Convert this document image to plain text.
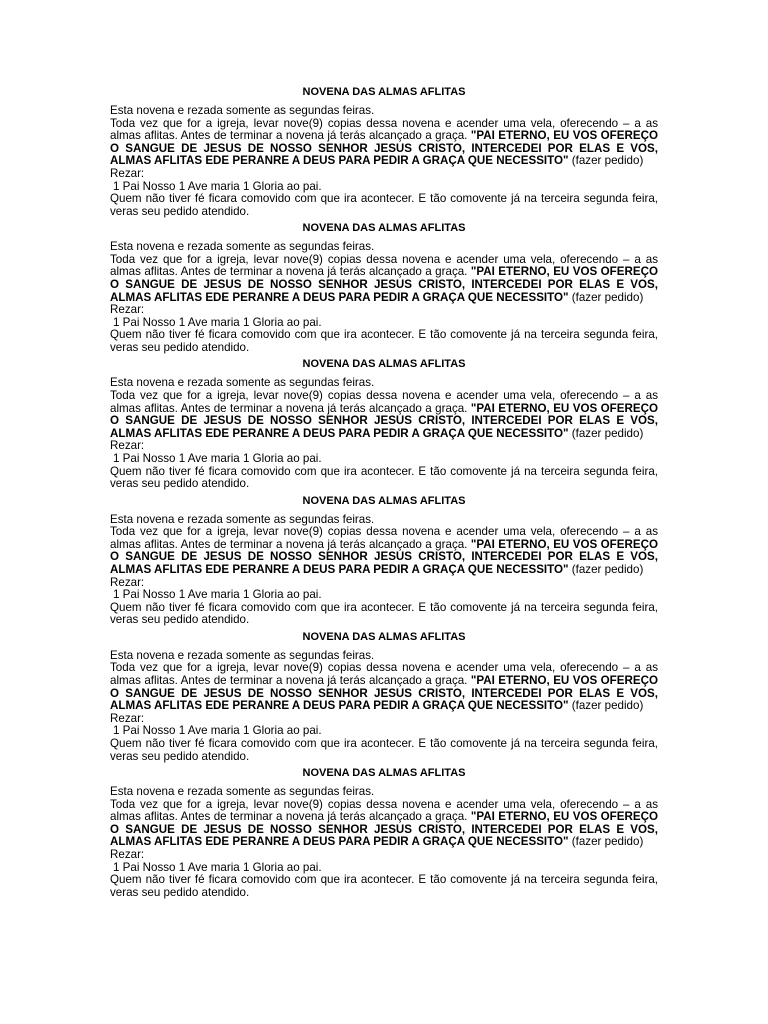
NOVENA DAS ALMAS AFLITAS
Esta novena e rezada somente as segundas feiras.
Toda vez que for a igreja, levar nove(9) copias dessa novena e acender uma vela, oferecendo – a as
almas aflitas. Antes de terminar a novena já terás alcançado a graça. "PAI ETERNO, EU VOS OFEREÇO
O SANGUE DE JESUS DE NOSSO SENHOR JESUS CRISTO, INTERCEDEI POR ELAS E VÓS,
ALMAS AFLITAS EDE PERANRE A DEUS PARA PEDIR A GRAÇA QUE NECESSITO" (fazer pedido)
Rezar:
1 Pai Nosso 1 Ave maria 1 Gloria ao pai.
Quem não tiver fé ficara comovido com que ira acontecer. È tão comovente já na terceira segunda feira,
veras seu pedido atendido.
NOVENA DAS ALMAS AFLITAS
Esta novena e rezada somente as segundas feiras.
Toda vez que for a igreja, levar nove(9) copias dessa novena e acender uma vela, oferecendo – a as
almas aflitas. Antes de terminar a novena já terás alcançado a graça. "PAI ETERNO, EU VOS OFEREÇO
O SANGUE DE JESUS DE NOSSO SENHOR JESUS CRISTO, INTERCEDEI POR ELAS E VÓS,
ALMAS AFLITAS EDE PERANRE A DEUS PARA PEDIR A GRAÇA QUE NECESSITO" (fazer pedido)
Rezar:
1 Pai Nosso 1 Ave maria 1 Gloria ao pai.
Quem não tiver fé ficara comovido com que ira acontecer. È tão comovente já na terceira segunda feira,
veras seu pedido atendido.
NOVENA DAS ALMAS AFLITAS
Esta novena e rezada somente as segundas feiras.
Toda vez que for a igreja, levar nove(9) copias dessa novena e acender uma vela, oferecendo – a as
almas aflitas. Antes de terminar a novena já terás alcançado a graça. "PAI ETERNO, EU VOS OFEREÇO
O SANGUE DE JESUS DE NOSSO SENHOR JESUS CRISTO, INTERCEDEI POR ELAS E VÓS,
ALMAS AFLITAS EDE PERANRE A DEUS PARA PEDIR A GRAÇA QUE NECESSITO" (fazer pedido)
Rezar:
1 Pai Nosso 1 Ave maria 1 Gloria ao pai.
Quem não tiver fé ficara comovido com que ira acontecer. È tão comovente já na terceira segunda feira,
veras seu pedido atendido.
NOVENA DAS ALMAS AFLITAS
Esta novena e rezada somente as segundas feiras.
Toda vez que for a igreja, levar nove(9) copias dessa novena e acender uma vela, oferecendo – a as
almas aflitas. Antes de terminar a novena já terás alcançado a graça. "PAI ETERNO, EU VOS OFEREÇO
O SANGUE DE JESUS DE NOSSO SENHOR JESUS CRISTO, INTERCEDEI POR ELAS E VÓS,
ALMAS AFLITAS EDE PERANRE A DEUS PARA PEDIR A GRAÇA QUE NECESSITO" (fazer pedido)
Rezar:
1 Pai Nosso 1 Ave maria 1 Gloria ao pai.
Quem não tiver fé ficara comovido com que ira acontecer. È tão comovente já na terceira segunda feira,
veras seu pedido atendido.
NOVENA DAS ALMAS AFLITAS
Esta novena e rezada somente as segundas feiras.
Toda vez que for a igreja, levar nove(9) copias dessa novena e acender uma vela, oferecendo – a as
almas aflitas. Antes de terminar a novena já terás alcançado a graça. "PAI ETERNO, EU VOS OFEREÇO
O SANGUE DE JESUS DE NOSSO SENHOR JESUS CRISTO, INTERCEDEI POR ELAS E VÓS,
ALMAS AFLITAS EDE PERANRE A DEUS PARA PEDIR A GRAÇA QUE NECESSITO" (fazer pedido)
Rezar:
1 Pai Nosso 1 Ave maria 1 Gloria ao pai.
Quem não tiver fé ficara comovido com que ira acontecer. È tão comovente já na terceira segunda feira,
veras seu pedido atendido.
NOVENA DAS ALMAS AFLITAS
Esta novena e rezada somente as segundas feiras.
Toda vez que for a igreja, levar nove(9) copias dessa novena e acender uma vela, oferecendo – a as
almas aflitas. Antes de terminar a novena já terás alcançado a graça. "PAI ETERNO, EU VOS OFEREÇO
O SANGUE DE JESUS DE NOSSO SENHOR JESUS CRISTO, INTERCEDEI POR ELAS E VÓS,
ALMAS AFLITAS EDE PERANRE A DEUS PARA PEDIR A GRAÇA QUE NECESSITO" (fazer pedido)
Rezar:
1 Pai Nosso 1 Ave maria 1 Gloria ao pai.
Quem não tiver fé ficara comovido com que ira acontecer. È tão comovente já na terceira segunda feira,
veras seu pedido atendido.
